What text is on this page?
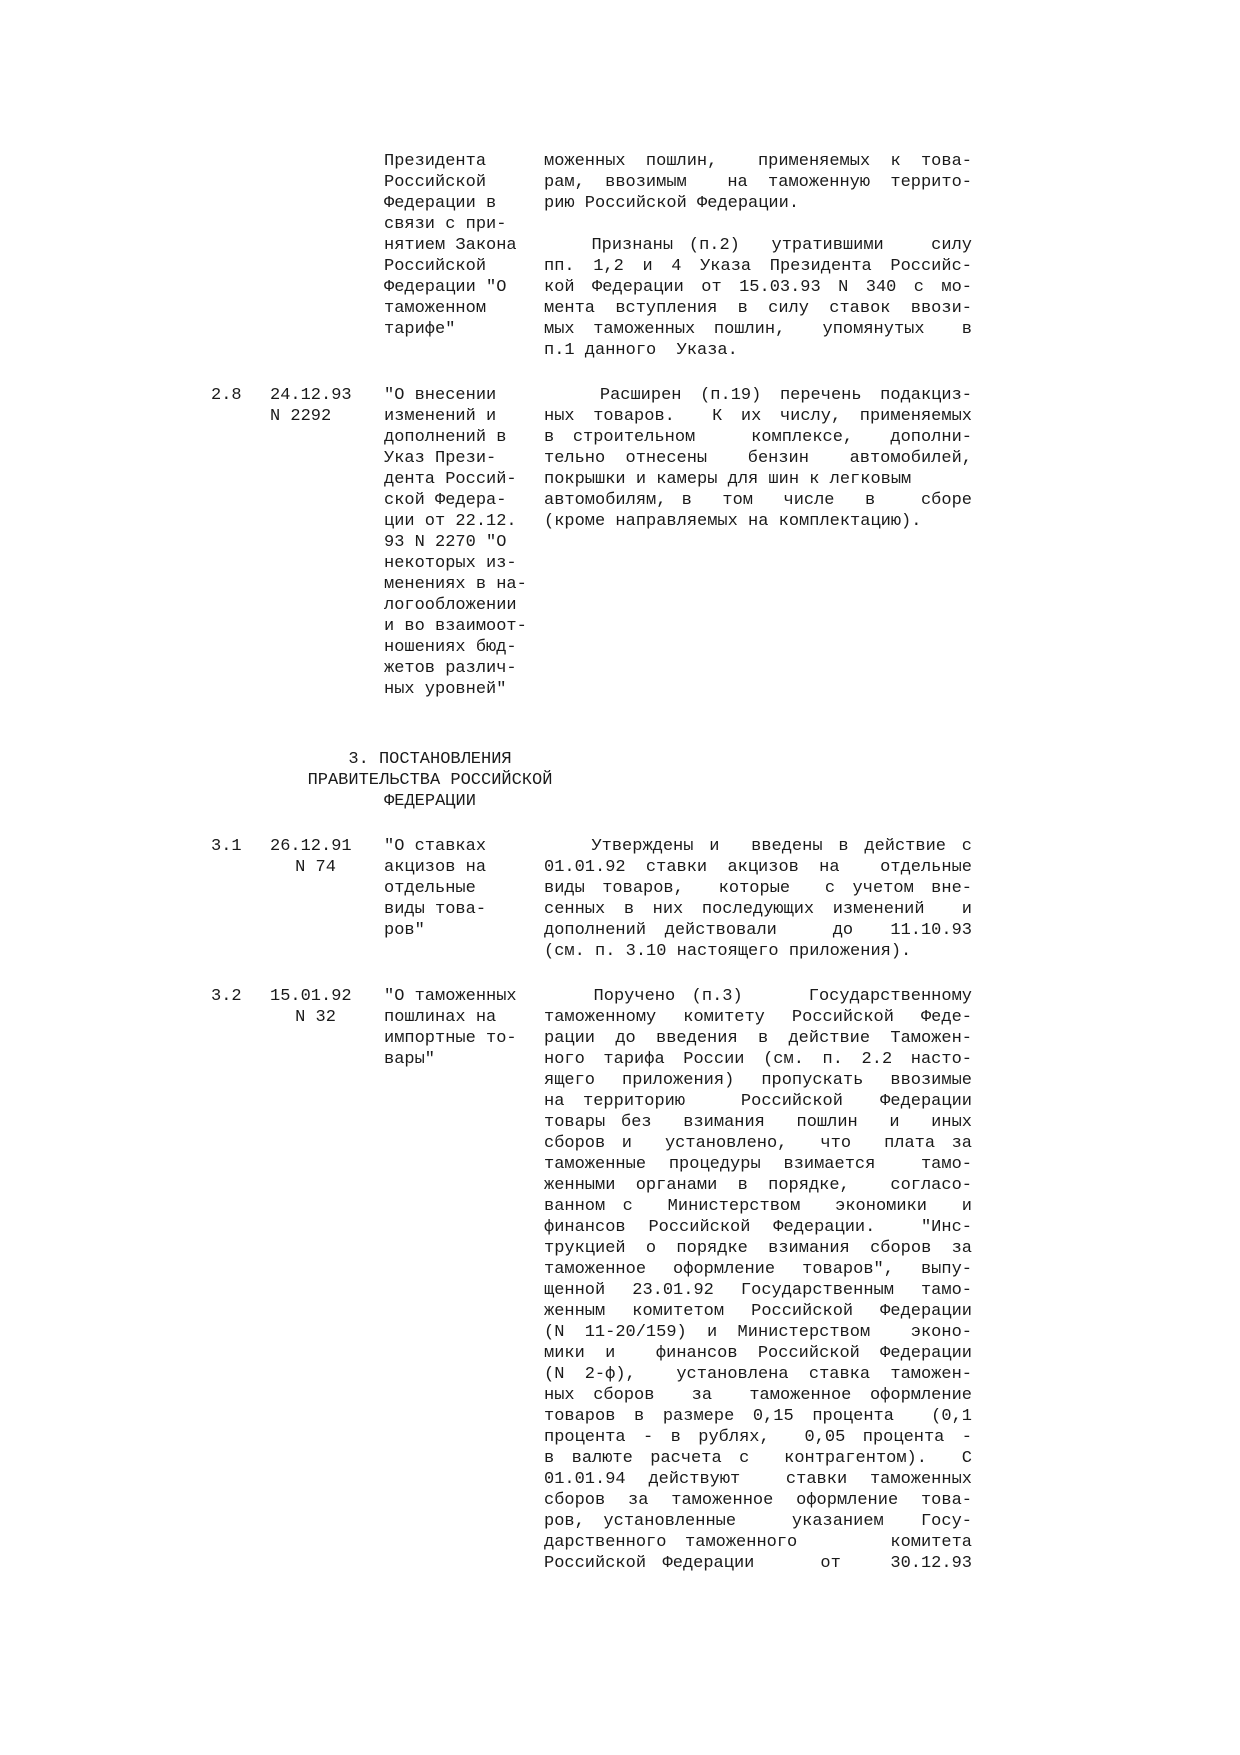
Президента
Российской
Федерации в
связи с при-
нятием Закона
Российской
Федерации "О
таможенном
тарифе"
моженных пошлин,  применяемых к това-
рам, ввозимым  на таможенную террито-
рию Российской Федерации.
Признаны (п.2)  утратившими   силу
пп. 1,2 и 4 Указа Президента Российс-
кой Федерации от 15.03.93 N 340 с мо-
мента вступления в силу ставок ввози-
мых таможенных пошлин,  упомянутых  в
п.1 данного  Указа.
2.8 24.12.93
N 2292
"О внесении
изменений и
дополнений в
Указ Прези-
дента Россий-
ской Федера-
ции от 22.12.
93 N 2270 "О
некоторых из-
менениях в на-
логообложении
и во взаимоот-
ношениях бюд-
жетов различ-
ных уровней"
Расширен (п.19) перечень подакциз-
ных товаров.  К их числу, применяемых
в строительном   комплексе,  дополни-
тельно отнесены  бензин  автомобилей,
покрышки и камеры для шин к легковым
автомобилям, в  том  числе  в   сборе
(кроме направляемых на комплектацию).
3. ПОСТАНОВЛЕНИЯ
ПРАВИТЕЛЬСТВА РОССИЙСКОЙ
ФЕДЕРАЦИИ
3.1 26.12.91
N 74
"О ставках
акцизов на
отдельные
виды това-
ров"
Утверждены и  введены в действие с
01.01.92 ставки акцизов на  отдельные
виды товаров,  которые  с учетом вне-
сенных в них последующих изменений  и
дополнений действовали   до  11.10.93
(см. п. 3.10 настоящего приложения).
3.2 15.01.92
N 32
"О таможенных
пошлинах на
импортные то-
вары"
Поручено (п.3)    Государственному
таможенному комитету Российской Феде-
рации до введения в действие Таможен-
ного тарифа России (см. п. 2.2 насто-
ящего приложения) пропускать ввозимые
на территорию   Российской  Федерации
товары без  взимания  пошлин  и  иных
сборов и  установлено,  что  плата за
таможенные процедуры взимается  тамо-
женными органами в порядке,  согласо-
ванном с  Министерством  экономики  и
финансов Российской Федерации.  "Инс-
трукцией о порядке взимания сборов за
таможенное оформление товаров", выпу-
щенной 23.01.92 Государственным тамо-
женным комитетом Российской Федерации
(N 11-20/159) и Министерством  эконо-
мики и  финансов Российской Федерации
(N 2-ф),  установлена ставка таможен-
ных сборов  за  таможенное оформление
товаров в размере 0,15 процента  (0,1
процента - в рублях,  0,05 процента -
в валюте расчета с  контрагентом).  С
01.01.94 действуют  ставки таможенных
сборов за таможенное оформление това-
ров, установленные   указанием  Госу-
дарственного таможенного     комитета
Российской Федерации    от   30.12.93
